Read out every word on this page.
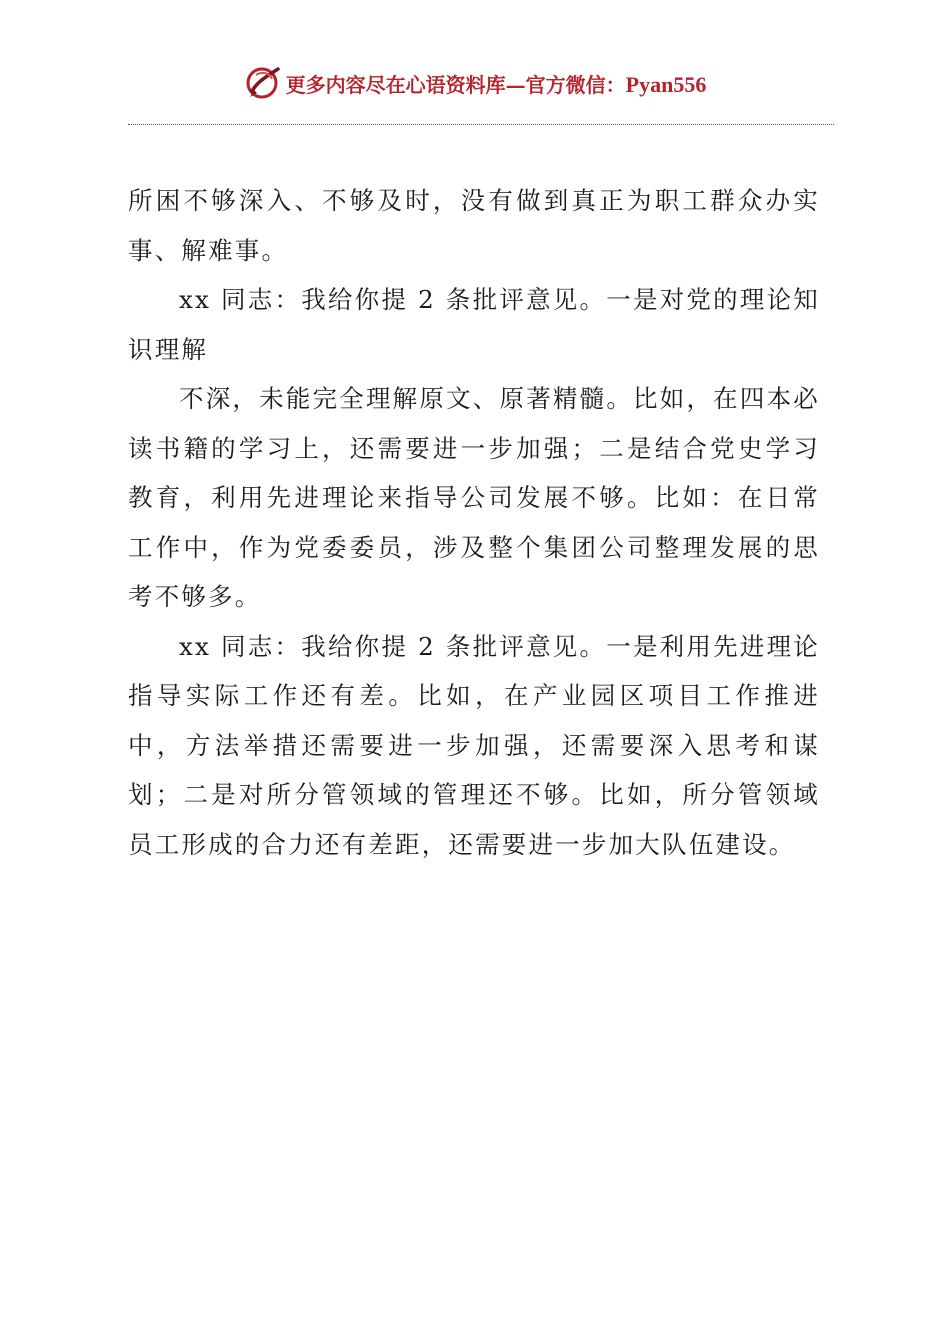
更多内容尽在心语资料库—官方微信：Pyan556

所困不够深入、不够及时，没有做到真正为职工群众办实事、解难事。

xx 同志：我给你提 2 条批评意见。一是对党的理论知识理解

不深，未能完全理解原文、原著精髓。比如，在四本必读书籍的学习上，还需要进一步加强；二是结合党史学习教育，利用先进理论来指导公司发展不够。比如：在日常工作中，作为党委委员，涉及整个集团公司整理发展的思考不够多。

xx 同志：我给你提 2 条批评意见。一是利用先进理论指导实际工作还有差。比如，在产业园区项目工作推进中，方法举措还需要进一步加强，还需要深入思考和谋划；二是对所分管领域的管理还不够。比如，所分管领域员工形成的合力还有差距，还需要进一步加大队伍建设。
